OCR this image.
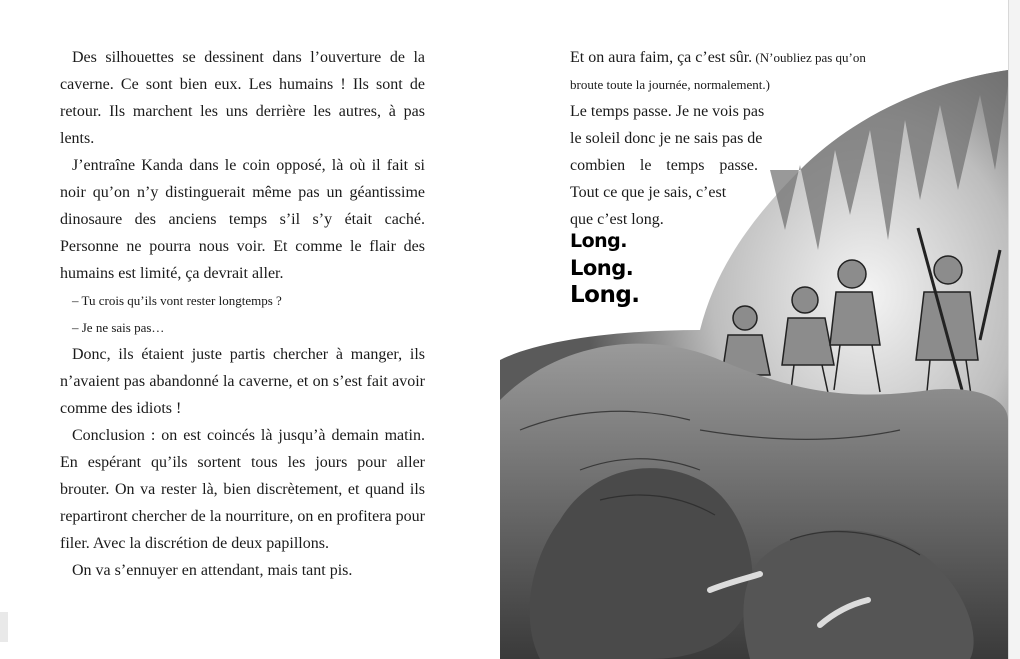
Des silhouettes se dessinent dans l’ouverture de la caverne. Ce sont bien eux. Les humains ! Ils sont de retour. Ils marchent les uns derrière les autres, à pas lents.

J’entraîne Kanda dans le coin opposé, là où il fait si noir qu’on n’y distinguerait même pas un géantissime dinosaure des anciens temps s’il s’y était caché. Personne ne pourra nous voir. Et comme le flair des humains est limité, ça devrait aller.

– Tu crois qu’ils vont rester longtemps ?

– Je ne sais pas…

Donc, ils étaient juste partis chercher à manger, ils n’avaient pas abandonné la caverne, et on s’est fait avoir comme des idiots !

Conclusion : on est coincés là jusqu’à demain matin. En espérant qu’ils sortent tous les jours pour aller brouter. On va rester là, bien discrètement, et quand ils repartiront chercher de la nourriture, on en profitera pour filer. Avec la discrétion de deux papillons.

On va s’ennuyer en attendant, mais tant pis.

Et on aura faim, ça c’est sûr. (N’oubliez pas qu’on
broute toute la journée, normalement.)
Le temps passe. Je ne vois pas
le soleil donc je ne sais pas de
combien le temps passe.
Tout ce que je sais, c’est
que c’est long.
Long.
Long.
Long.
